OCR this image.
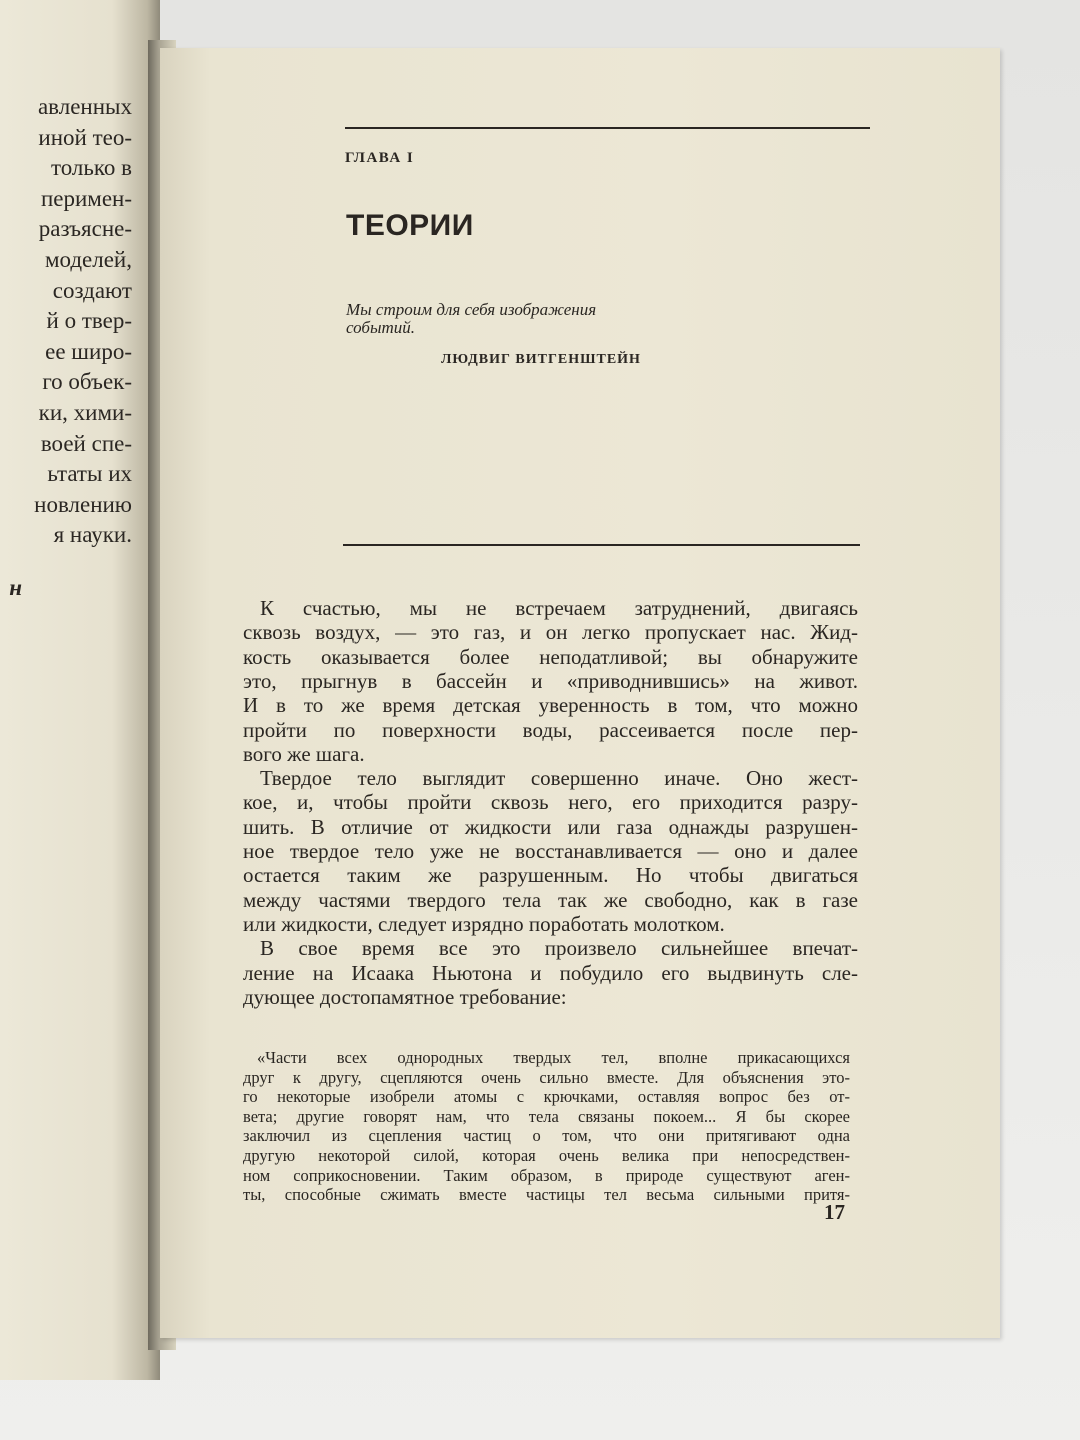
авленных
иной тео-
только в
перимен-
разъясне-
моделей,
создают
й о твер-
ее широ-
го объек-
ки, хими-
воей спе-
ьтаты их
новлению
я науки.
н
ГЛАВА I
ТЕОРИИ
Мы строим для себя изображения
событий.
ЛЮДВИГ ВИТГЕНШТЕЙН
К счастью, мы не встречаем затруднений, двигаясь
сквозь воздух, — это газ, и он легко пропускает нас. Жид-
кость оказывается более неподатливой; вы обнаружите
это, прыгнув в бассейн и «приводнившись» на живот.
И в то же время детская уверенность в том, что можно
пройти по поверхности воды, рассеивается после пер-
вого же шага.
Твердое тело выглядит совершенно иначе. Оно жест-
кое, и, чтобы пройти сквозь него, его приходится разру-
шить. В отличие от жидкости или газа однажды разрушен-
ное твердое тело уже не восстанавливается — оно и далее
остается таким же разрушенным. Но чтобы двигаться
между частями твердого тела так же свободно, как в газе
или жидкости, следует изрядно поработать молотком.
В свое время все это произвело сильнейшее впечат-
ление на Исаака Ньютона и побудило его выдвинуть сле-
дующее достопамятное требование:
«Части всех однородных твердых тел, вполне прикасающихся
друг к другу, сцепляются очень сильно вместе. Для объяснения это-
го некоторые изобрели атомы с крючками, оставляя вопрос без от-
вета; другие говорят нам, что тела связаны покоем... Я бы скорее
заключил из сцепления частиц о том, что они притягивают одна
другую некоторой силой, которая очень велика при непосредствен-
ном соприкосновении. Таким образом, в природе существуют аген-
ты, способные сжимать вместе частицы тел весьма сильными притя-
17
